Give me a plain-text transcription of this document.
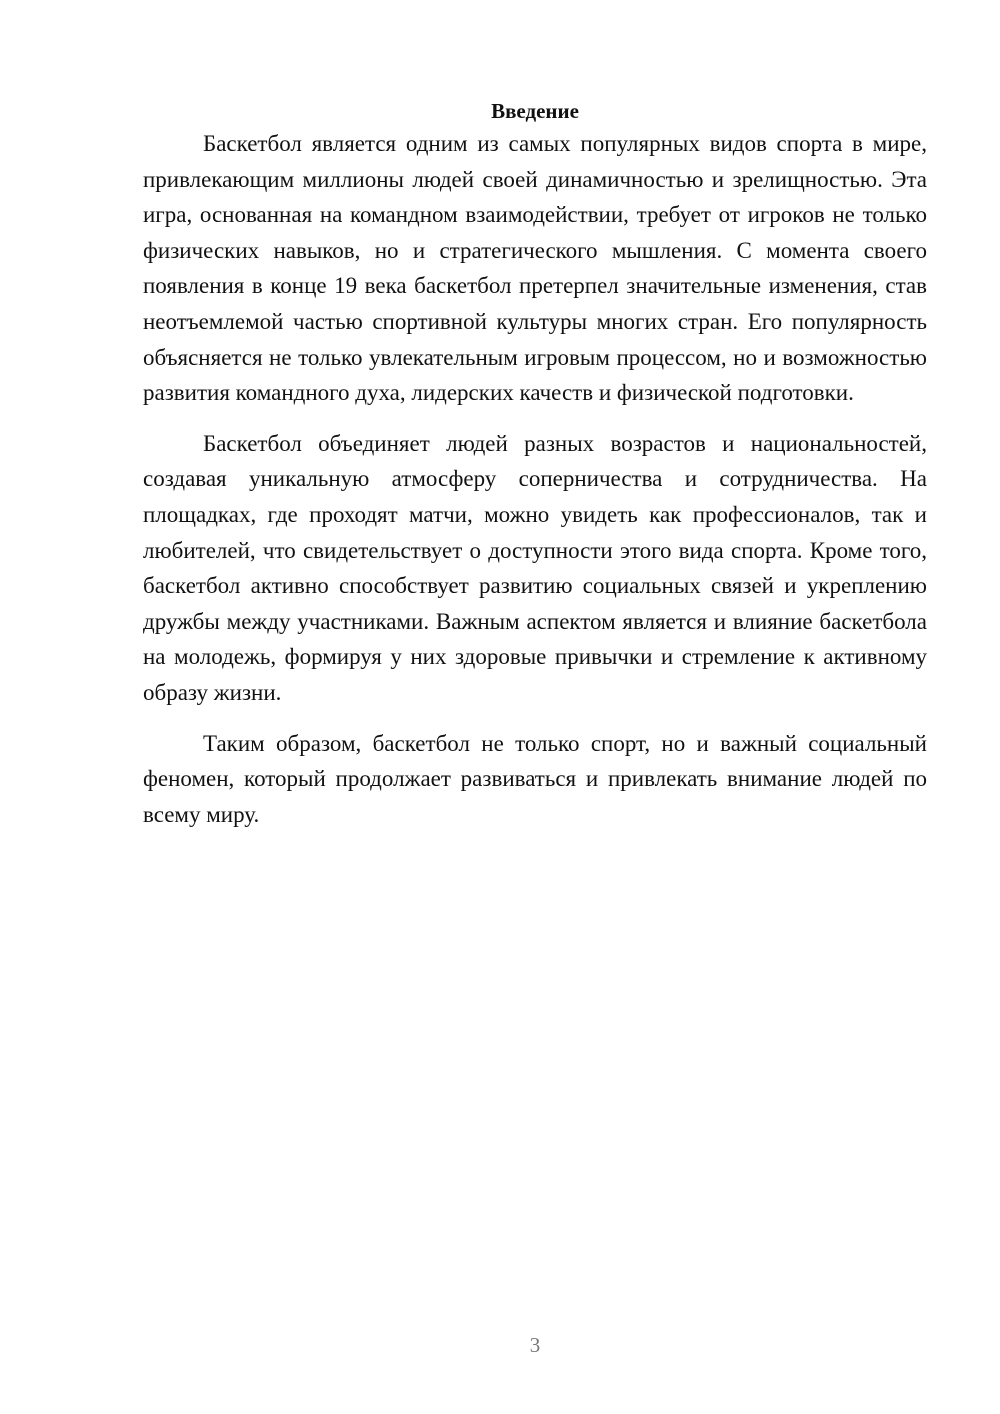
Введение

Баскетбол является одним из самых популярных видов спорта в мире, привлекающим миллионы людей своей динамичностью и зрелищностью. Эта игра, основанная на командном взаимодействии, требует от игроков не только физических навыков, но и стратегического мышления. С момента своего появления в конце 19 века баскетбол претерпел значительные изменения, став неотъемлемой частью спортивной культуры многих стран. Его популярность объясняется не только увлекательным игровым процессом, но и возможностью развития командного духа, лидерских качеств и физической подготовки.

Баскетбол объединяет людей разных возрастов и национальностей, создавая уникальную атмосферу соперничества и сотрудничества. На площадках, где проходят матчи, можно увидеть как профессионалов, так и любителей, что свидетельствует о доступности этого вида спорта. Кроме того, баскетбол активно способствует развитию социальных связей и укреплению дружбы между участниками. Важным аспектом является и влияние баскетбола на молодежь, формируя у них здоровые привычки и стремление к активному образу жизни.

Таким образом, баскетбол не только спорт, но и важный социальный феномен, который продолжает развиваться и привлекать внимание людей по всему миру.

3
